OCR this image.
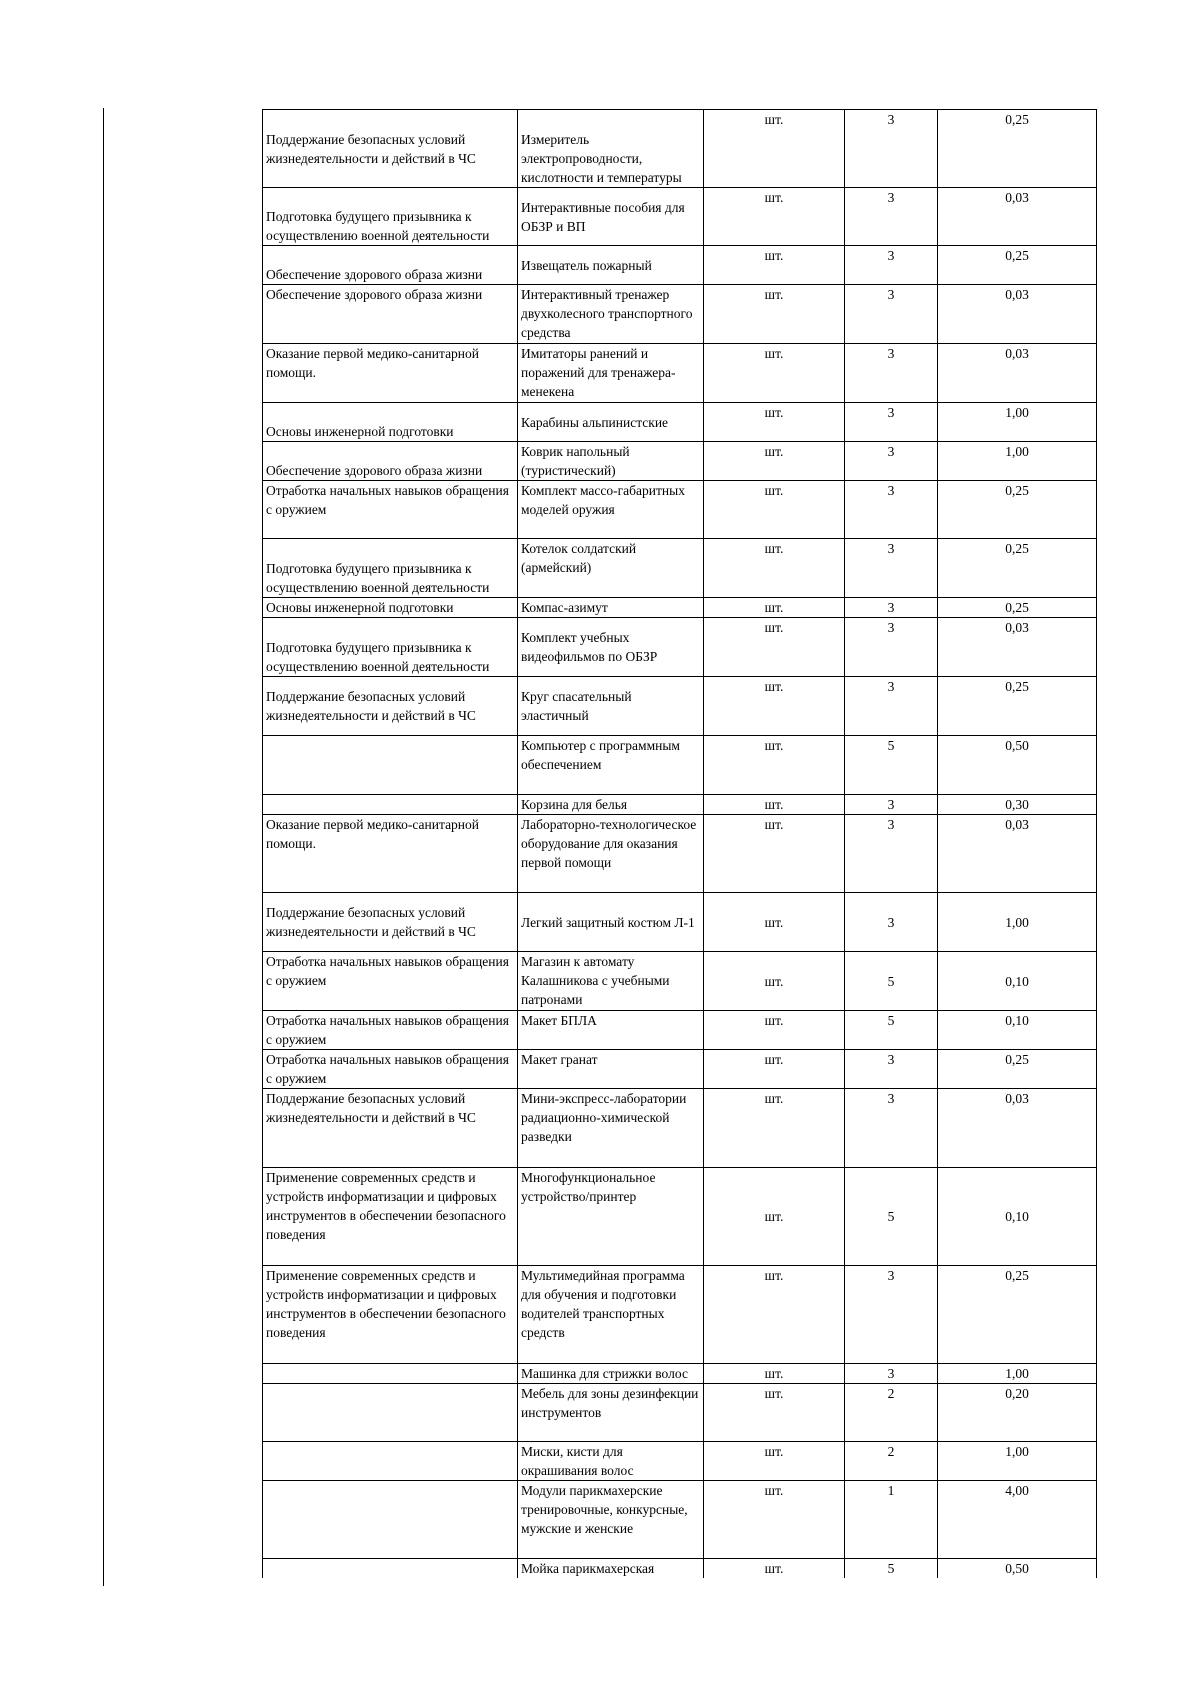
Поддержание безопасных условий жизнедеятельности и действий в ЧС	Измеритель электропроводности, кислотности и температуры	шт.	3	0,25
Подготовка будущего призывника к осуществлению военной деятельности	Интерактивные пособия для ОБЗР и ВП	шт.	3	0,03
Обеспечение здорового образа жизни	Извещатель пожарный	шт.	3	0,25
Обеспечение здорового образа жизни	Интерактивный тренажер двухколесного транспортного средства	шт.	3	0,03
Оказание первой медико-санитарной помощи.	Имитаторы ранений и поражений для тренажера-менекена	шт.	3	0,03
Основы инженерной подготовки	Карабины альпинистские	шт.	3	1,00
Обеспечение здорового образа жизни	Коврик напольный (туристический)	шт.	3	1,00
Отработка начальных навыков обращения с оружием	Комплект массо-габаритных моделей оружия	шт.	3	0,25
Подготовка будущего призывника к осуществлению военной деятельности	Котелок солдатский (армейский)	шт.	3	0,25
Основы инженерной подготовки	Компас-азимут	шт.	3	0,25
Подготовка будущего призывника к осуществлению военной деятельности	Комплект учебных видеофильмов по ОБЗР	шт.	3	0,03
Поддержание безопасных условий жизнедеятельности и действий в ЧС	Круг спасательный эластичный	шт.	3	0,25
	Компьютер с программным обеспечением	шт.	5	0,50
	Корзина для белья	шт.	3	0,30
Оказание первой медико-санитарной помощи.	Лабораторно-технологическое оборудование для оказания первой помощи	шт.	3	0,03
Поддержание безопасных условий жизнедеятельности и действий в ЧС	Легкий защитный костюм Л-1	шт.	3	1,00
Отработка начальных навыков обращения с оружием	Магазин к автомату Калашникова с учебными патронами	шт.	5	0,10
Отработка начальных навыков обращения с оружием	Макет БПЛА	шт.	5	0,10
Отработка начальных навыков обращения с оружием	Макет гранат	шт.	3	0,25
Поддержание безопасных условий жизнедеятельности и действий в ЧС	Мини-экспресс-лаборатории радиационно-химической разведки	шт.	3	0,03
Применение современных средств и устройств информатизации и цифровых инструментов в обеспечении безопасного поведения	Многофункциональное устройство/принтер	шт.	5	0,10
Применение современных средств и устройств информатизации и цифровых инструментов в обеспечении безопасного поведения	Мультимедийная программа для обучения и подготовки водителей транспортных средств	шт.	3	0,25
	Машинка для стрижки волос	шт.	3	1,00
	Мебель для зоны дезинфекции инструментов	шт.	2	0,20
	Миски, кисти для окрашивания волос	шт.	2	1,00
	Модули парикмахерские тренировочные, конкурсные, мужские и женские	шт.	1	4,00
	Мойка парикмахерская	шт.	5	0,50
